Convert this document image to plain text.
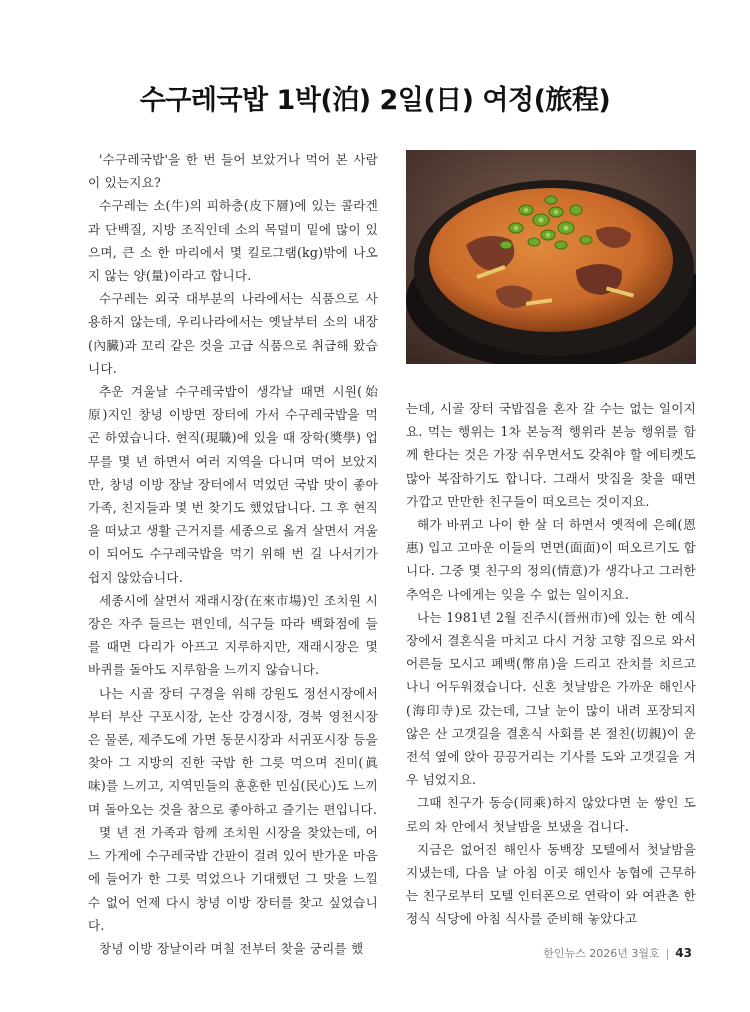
수구레국밥 1박(泊) 2일(日) 여정(旅程)

'수구레국밥'을 한 번 들어 보았거나 먹어 본 사람이 있는지요?

수구레는 소(牛)의 피하층(皮下層)에 있는 콜라겐과 단백질, 지방 조직인데 소의 목덜미 밑에 많이 있으며, 큰 소 한 마리에서 몇 킬로그램(kg)밖에 나오지 않는 양(量)이라고 합니다.

수구레는 외국 대부분의 나라에서는 식품으로 사용하지 않는데, 우리나라에서는 옛날부터 소의 내장(內臟)과 꼬리 같은 것을 고급 식품으로 취급해 왔습니다.

추운 겨울날 수구레국밥이 생각날 때면 시원(始原)지인 창녕 이방면 장터에 가서 수구레국밥을 먹곤 하였습니다. 현직(現職)에 있을 때 장학(奬學) 업무를 몇 년 하면서 여러 지역을 다니며 먹어 보았지만, 창녕 이방 장날 장터에서 먹었던 국밥 맛이 좋아 가족, 친지들과 몇 번 찾기도 했었답니다. 그 후 현직을 떠났고 생활 근거지를 세종으로 옮겨 살면서 겨울이 되어도 수구레국밥을 먹기 위해 번 길 나서기가 쉽지 않았습니다.

세종시에 살면서 재래시장(在來市場)인 조치원 시장은 자주 들르는 편인데, 식구들 따라 백화점에 들를 때면 다리가 아프고 지루하지만, 재래시장은 몇 바퀴를 돌아도 지루함을 느끼지 않습니다.

나는 시골 장터 구경을 위해 강원도 정선시장에서부터 부산 구포시장, 논산 강경시장, 경북 영천시장은 물론, 제주도에 가면 동문시장과 서귀포시장 등을 찾아 그 지방의 진한 국밥 한 그릇 먹으며 진미(眞味)를 느끼고, 지역민들의 훈훈한 민심(民心)도 느끼며 돌아오는 것을 참으로 좋아하고 즐기는 편입니다.

몇 년 전 가족과 함께 조치원 시장을 찾았는데, 어느 가게에 수구레국밥 간판이 걸려 있어 반가운 마음에 들어가 한 그릇 먹었으나 기대했던 그 맛을 느낄 수 없어 언제 다시 창녕 이방 장터를 찾고 싶었습니다.

창녕 이방 장날이라 며칠 전부터 찾을 궁리를 했

는데, 시골 장터 국밥집을 혼자 갈 수는 없는 일이지요. 먹는 행위는 1차 본능적 행위라 본능 행위를 함께 한다는 것은 가장 쉬우면서도 갖춰야 할 에티켓도 많아 복잡하기도 합니다. 그래서 맛집을 찾을 때면 가깝고 만만한 친구들이 떠오르는 것이지요.

해가 바뀌고 나이 한 살 더 하면서 옛적에 은혜(恩惠) 입고 고마운 이들의 면면(面面)이 떠오르기도 합니다. 그중 몇 친구의 정의(情意)가 생각나고 그러한 추억은 나에게는 잊을 수 없는 일이지요.

나는 1981년 2월 진주시(晉州市)에 있는 한 예식장에서 결혼식을 마치고 다시 거창 고향 집으로 와서 어른들 모시고 폐백(幣帛)을 드리고 잔치를 치르고 나니 어두워졌습니다. 신혼 첫날밤은 가까운 해인사(海印寺)로 갔는데, 그날 눈이 많이 내려 포장되지 않은 산 고갯길을 결혼식 사회를 본 절친(切親)이 운전석 옆에 앉아 끙끙거리는 기사를 도와 고갯길을 겨우 넘었지요.

그때 친구가 동승(同乘)하지 않았다면 눈 쌓인 도로의 차 안에서 첫날밤을 보냈을 겁니다.

지금은 없어진 해인사 동백장 모텔에서 첫날밤을 지냈는데, 다음 날 아침 이곳 해인사 농협에 근무하는 친구로부터 모텔 인터폰으로 연락이 와 여관촌 한정식 식당에 아침 식사를 준비해 놓았다고

한인뉴스 2026년 3월호 | 43
